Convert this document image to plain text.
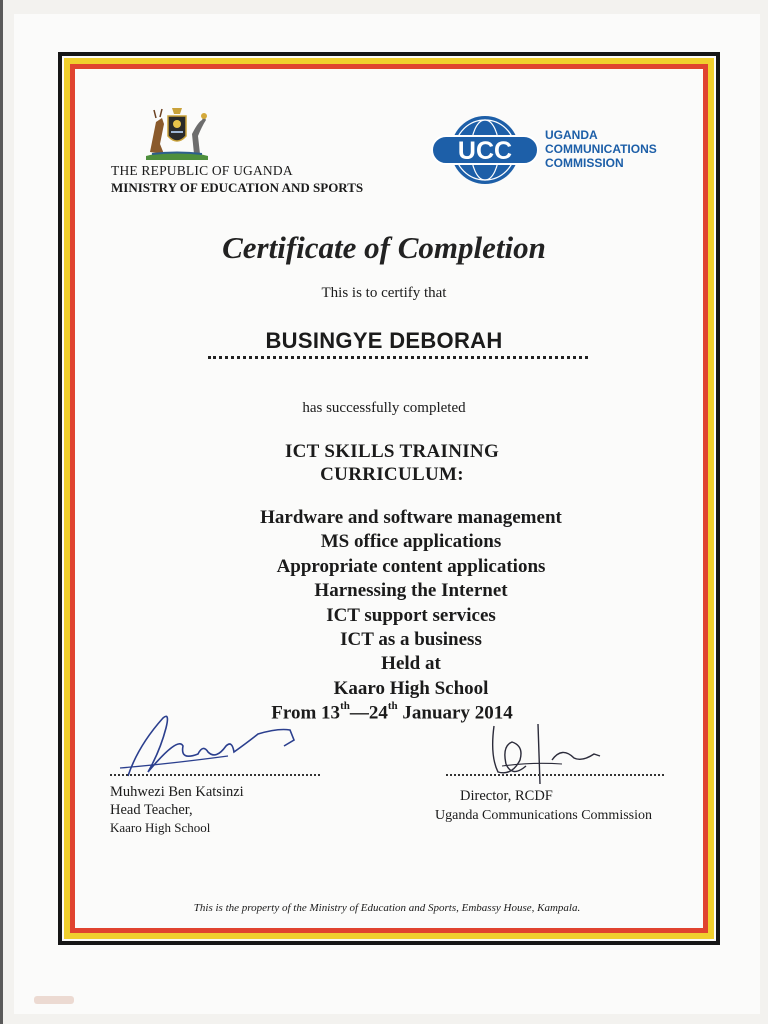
THE REPUBLIC OF UGANDA
MINISTRY OF EDUCATION AND SPORTS
UCC
UGANDA
COMMUNICATIONS
COMMISSION
Certificate of Completion
This is to certify that
BUSINGYE DEBORAH
has successfully completed
ICT SKILLS TRAINING
CURRICULUM:
Hardware and software management
MS office applications
Appropriate content applications
Harnessing the Internet
ICT support services
ICT as a business
Held at
Kaaro High School
From 13th—24th January 2014
Muhwezi Ben Katsinzi
Head Teacher,
Kaaro High School
Director, RCDF
Uganda Communications Commission
This is the property of the Ministry of Education and Sports, Embassy House, Kampala.
